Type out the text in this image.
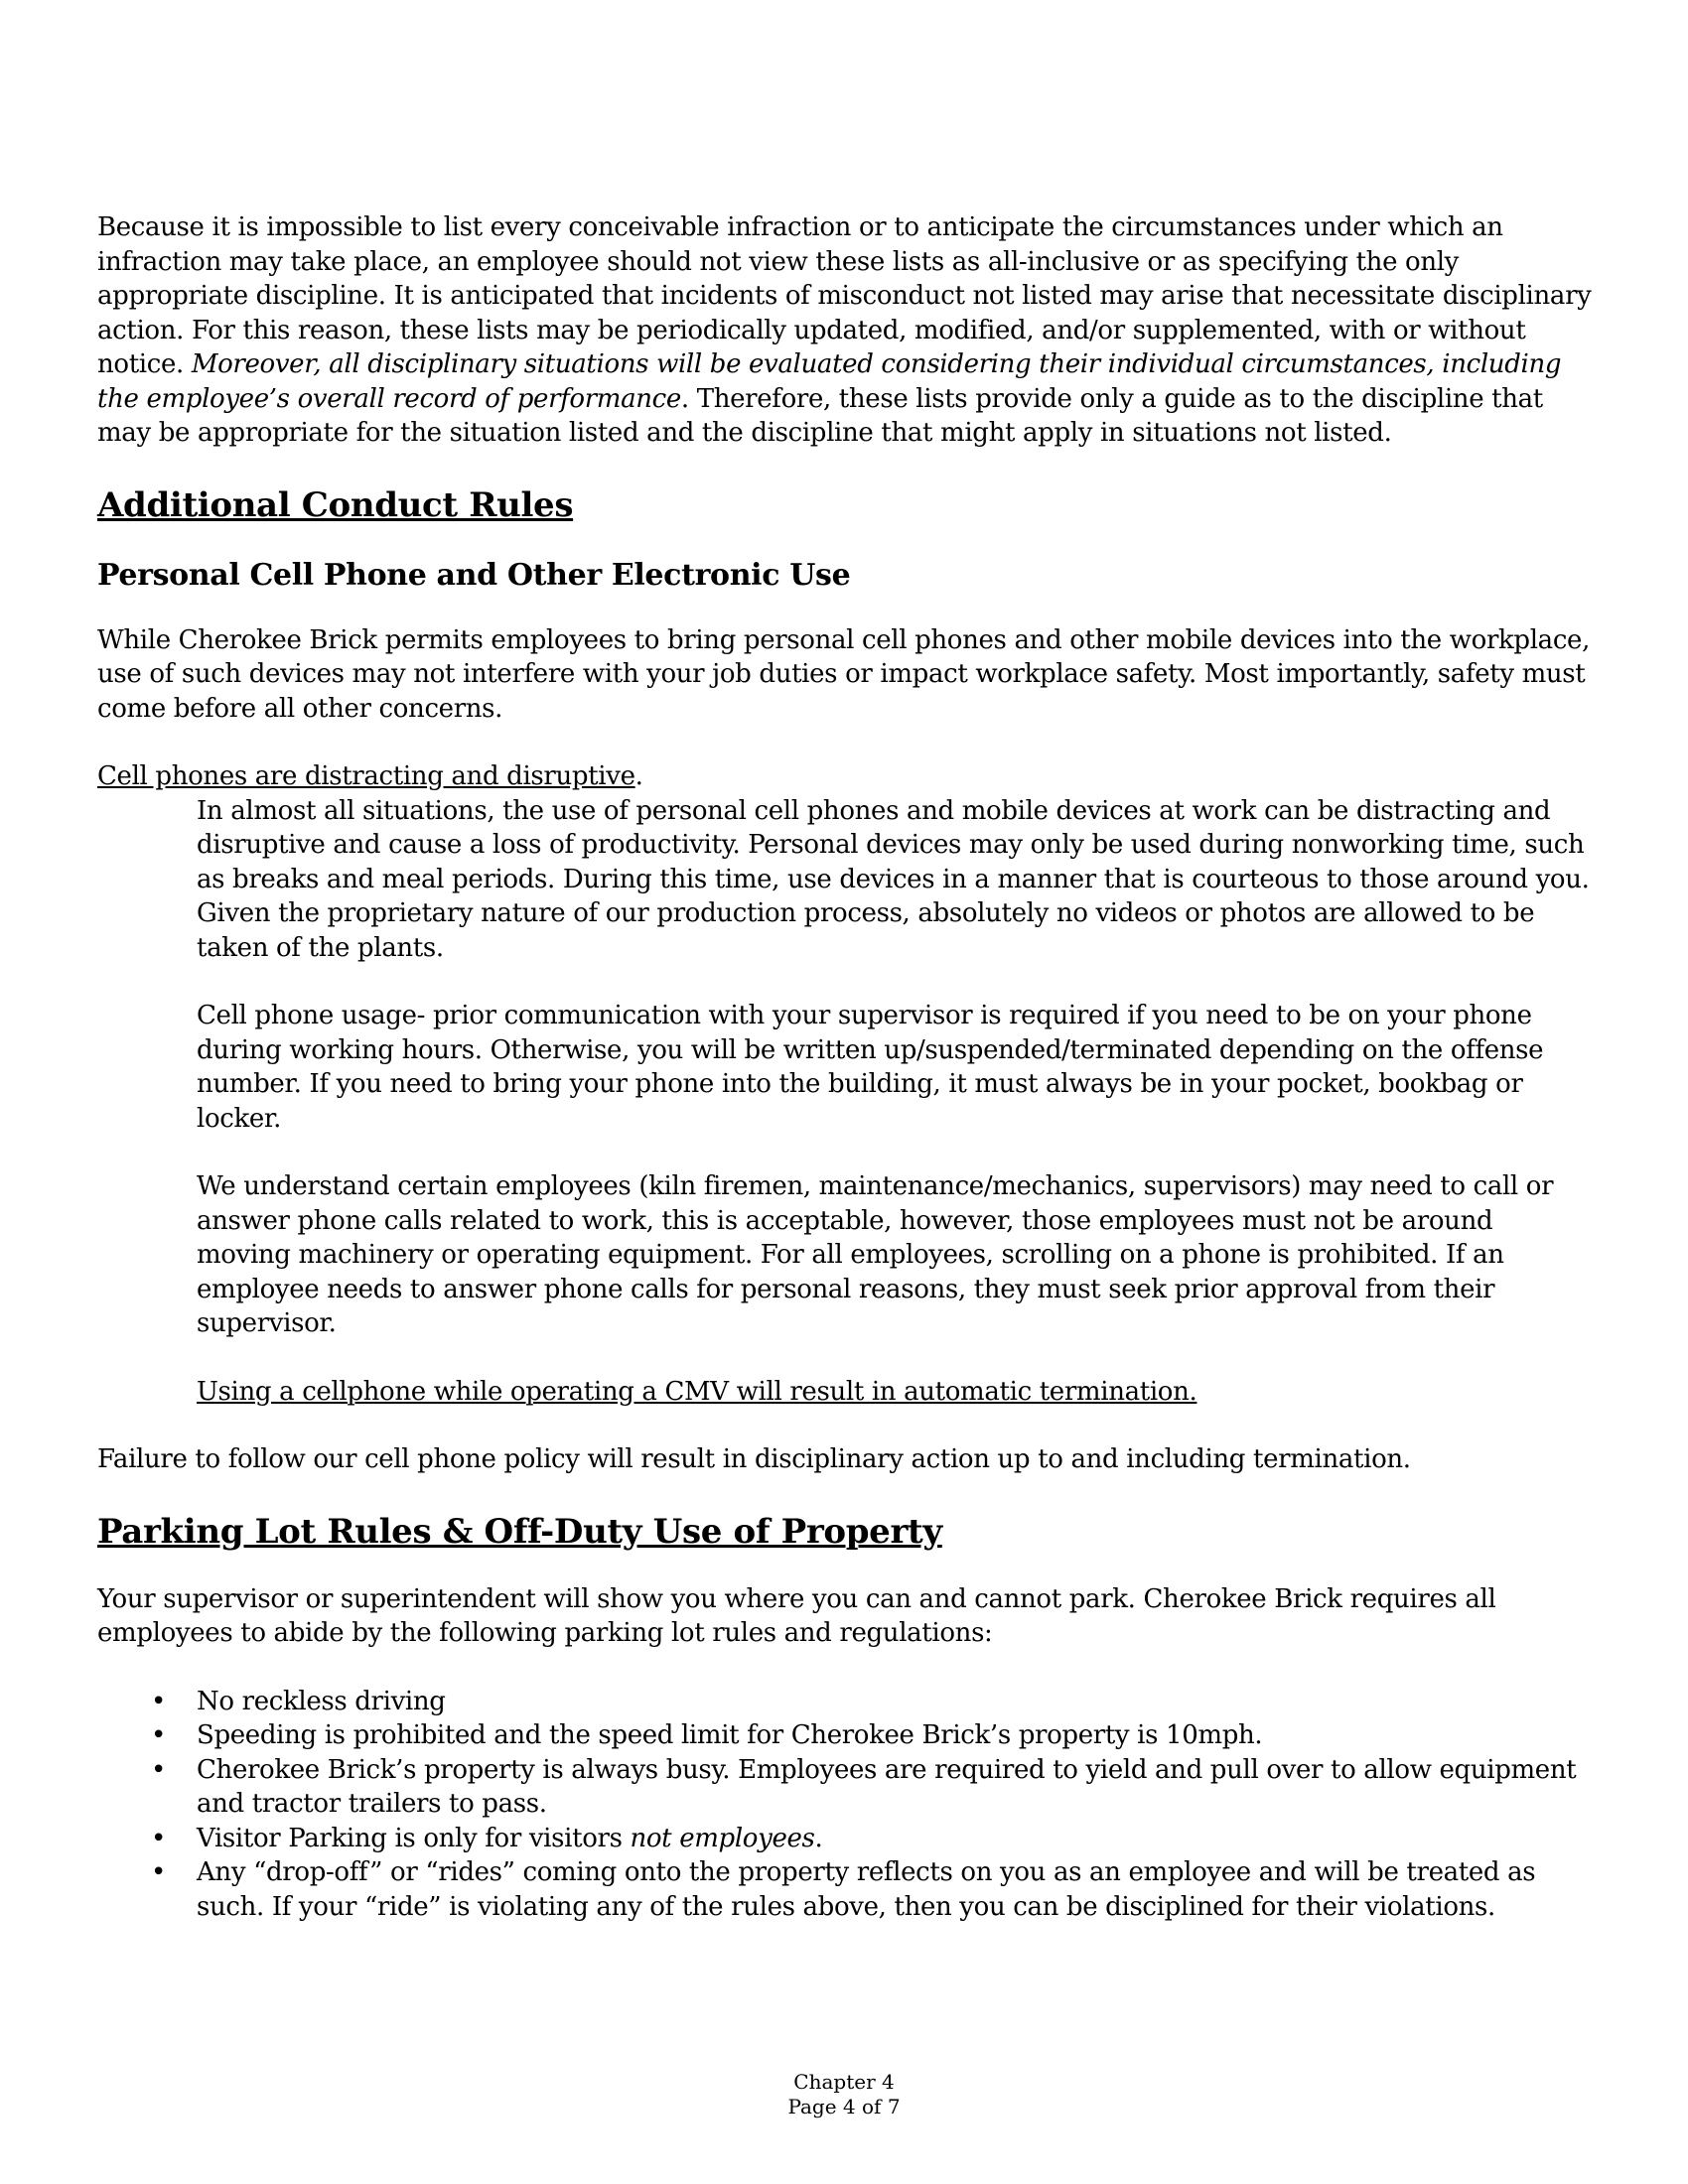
Because it is impossible to list every conceivable infraction or to anticipate the circumstances under which an infraction may take place, an employee should not view these lists as all-inclusive or as specifying the only appropriate discipline. It is anticipated that incidents of misconduct not listed may arise that necessitate disciplinary action. For this reason, these lists may be periodically updated, modified, and/or supplemented, with or without notice. Moreover, all disciplinary situations will be evaluated considering their individual circumstances, including the employee’s overall record of performance. Therefore, these lists provide only a guide as to the discipline that may be appropriate for the situation listed and the discipline that might apply in situations not listed.

Additional Conduct Rules
Personal Cell Phone and Other Electronic Use

While Cherokee Brick permits employees to bring personal cell phones and other mobile devices into the workplace, use of such devices may not interfere with your job duties or impact workplace safety. Most importantly, safety must come before all other concerns.

Cell phones are distracting and disruptive.

In almost all situations, the use of personal cell phones and mobile devices at work can be distracting and disruptive and cause a loss of productivity. Personal devices may only be used during nonworking time, such as breaks and meal periods. During this time, use devices in a manner that is courteous to those around you. Given the proprietary nature of our production process, absolutely no videos or photos are allowed to be taken of the plants.

Cell phone usage- prior communication with your supervisor is required if you need to be on your phone during working hours. Otherwise, you will be written up/suspended/terminated depending on the offense number. If you need to bring your phone into the building, it must always be in your pocket, bookbag or locker.

We understand certain employees (kiln firemen, maintenance/mechanics, supervisors) may need to call or answer phone calls related to work, this is acceptable, however, those employees must not be around moving machinery or operating equipment. For all employees, scrolling on a phone is prohibited. If an employee needs to answer phone calls for personal reasons, they must seek prior approval from their supervisor.

Using a cellphone while operating a CMV will result in automatic termination.

Failure to follow our cell phone policy will result in disciplinary action up to and including termination.

Parking Lot Rules & Off-Duty Use of Property

Your supervisor or superintendent will show you where you can and cannot park. Cherokee Brick requires all employees to abide by the following parking lot rules and regulations:

• No reckless driving
• Speeding is prohibited and the speed limit for Cherokee Brick’s property is 10mph.
• Cherokee Brick’s property is always busy. Employees are required to yield and pull over to allow equipment and tractor trailers to pass.
• Visitor Parking is only for visitors not employees.
• Any “drop-off” or “rides” coming onto the property reflects on you as an employee and will be treated as such. If your “ride” is violating any of the rules above, then you can be disciplined for their violations.
Chapter 4
Page 4 of 7
